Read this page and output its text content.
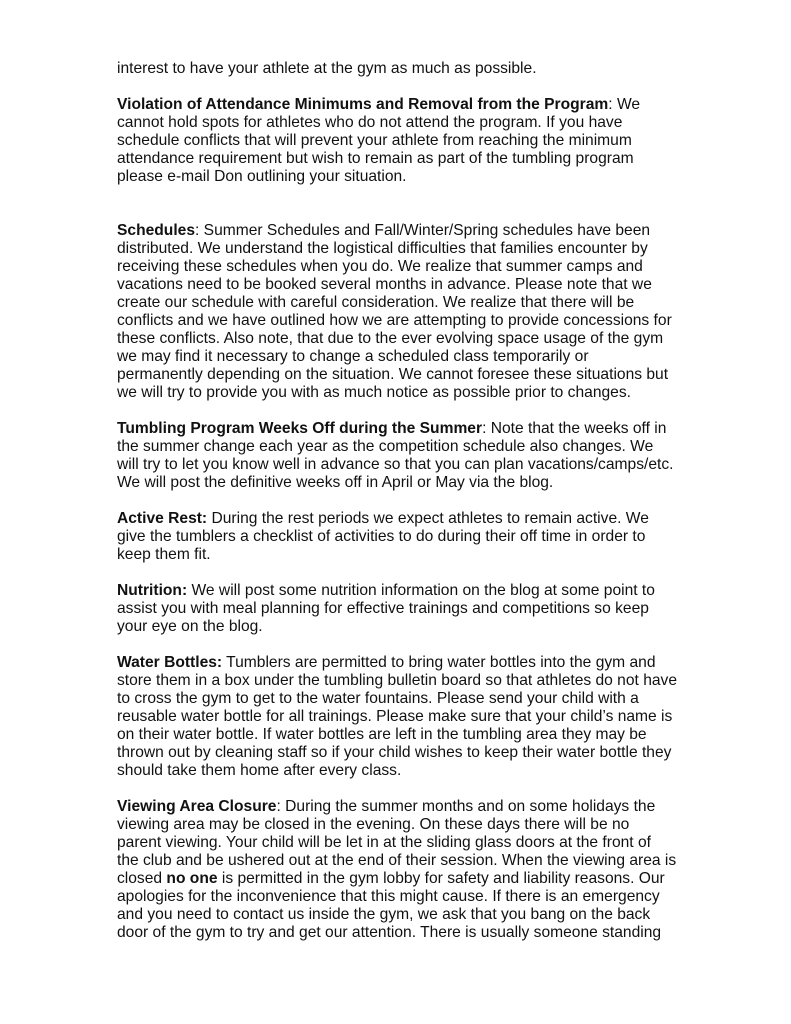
interest to have your athlete at the gym as much as possible.

Violation of Attendance Minimums and Removal from the Program: We
cannot hold spots for athletes who do not attend the program. If you have
schedule conflicts that will prevent your athlete from reaching the minimum
attendance requirement but wish to remain as part of the tumbling program
please e-mail Don outlining your situation.

Schedules: Summer Schedules and Fall/Winter/Spring schedules have been
distributed. We understand the logistical difficulties that families encounter by
receiving these schedules when you do. We realize that summer camps and
vacations need to be booked several months in advance. Please note that we
create our schedule with careful consideration. We realize that there will be
conflicts and we have outlined how we are attempting to provide concessions for
these conflicts. Also note, that due to the ever evolving space usage of the gym
we may find it necessary to change a scheduled class temporarily or
permanently depending on the situation. We cannot foresee these situations but
we will try to provide you with as much notice as possible prior to changes.

Tumbling Program Weeks Off during the Summer: Note that the weeks off in
the summer change each year as the competition schedule also changes. We
will try to let you know well in advance so that you can plan vacations/camps/etc.
We will post the definitive weeks off in April or May via the blog.

Active Rest: During the rest periods we expect athletes to remain active. We
give the tumblers a checklist of activities to do during their off time in order to
keep them fit.

Nutrition: We will post some nutrition information on the blog at some point to
assist you with meal planning for effective trainings and competitions so keep
your eye on the blog.

Water Bottles: Tumblers are permitted to bring water bottles into the gym and
store them in a box under the tumbling bulletin board so that athletes do not have
to cross the gym to get to the water fountains. Please send your child with a
reusable water bottle for all trainings. Please make sure that your child’s name is
on their water bottle. If water bottles are left in the tumbling area they may be
thrown out by cleaning staff so if your child wishes to keep their water bottle they
should take them home after every class.

Viewing Area Closure: During the summer months and on some holidays the
viewing area may be closed in the evening. On these days there will be no
parent viewing. Your child will be let in at the sliding glass doors at the front of
the club and be ushered out at the end of their session. When the viewing area is
closed no one is permitted in the gym lobby for safety and liability reasons. Our
apologies for the inconvenience that this might cause. If there is an emergency
and you need to contact us inside the gym, we ask that you bang on the back
door of the gym to try and get our attention. There is usually someone standing
